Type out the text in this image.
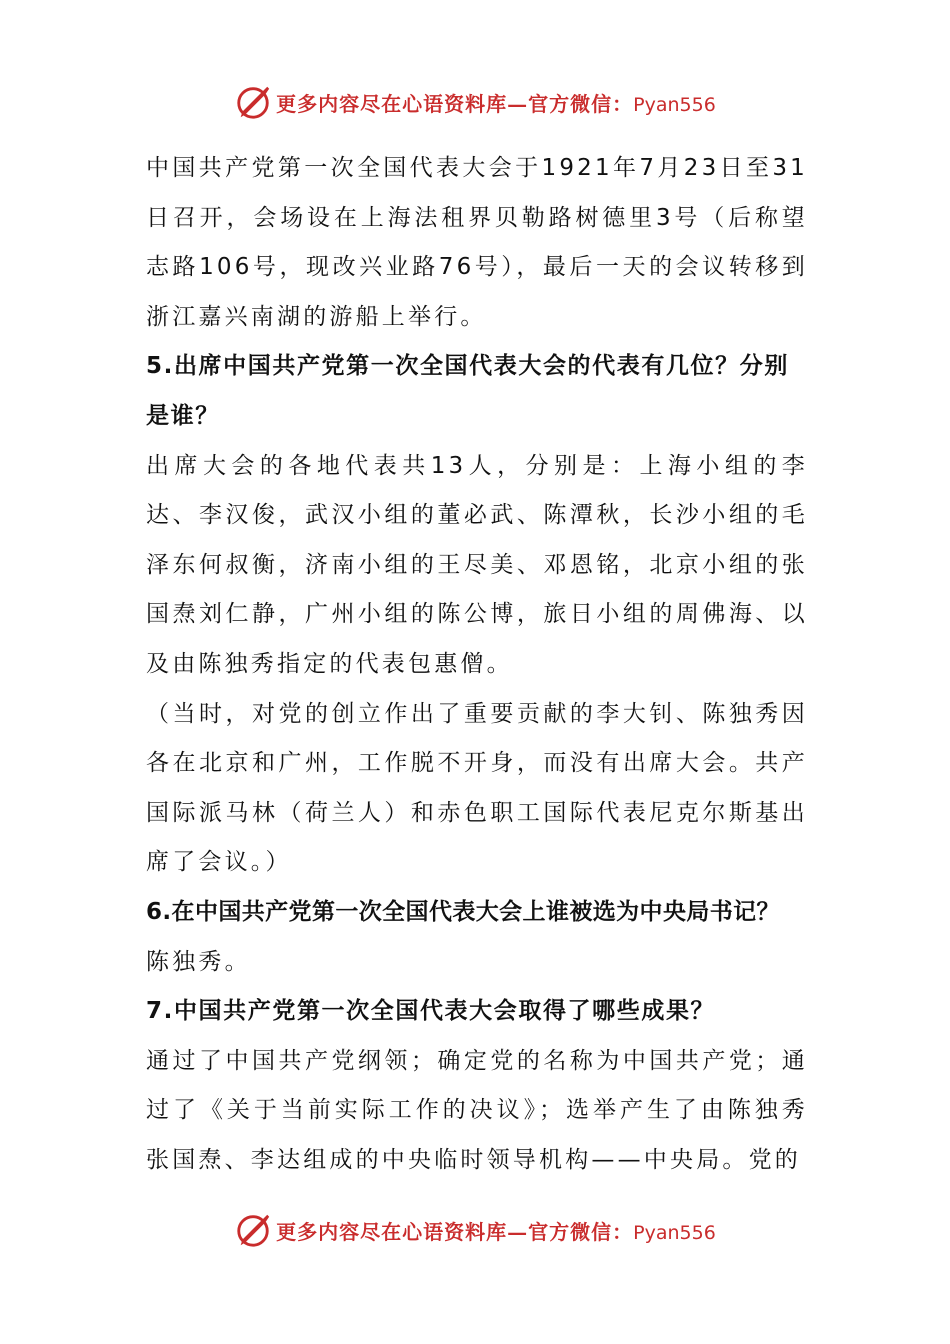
更多内容尽在心语资料库—官方微信：Pyan556

中国共产党第一次全国代表大会于1921年7月23日至31日召开，会场设在上海法租界贝勒路树德里3号（后称望志路106号，现改兴业路76号），最后一天的会议转移到浙江嘉兴南湖的游船上举行。

5.出席中国共产党第一次全国代表大会的代表有几位？分别是谁？

出席大会的各地代表共13人，分别是：上海小组的李达、李汉俊，武汉小组的董必武、陈潭秋，长沙小组的毛泽东何叔衡，济南小组的王尽美、邓恩铭，北京小组的张国焘刘仁静，广州小组的陈公博，旅日小组的周佛海、以及由陈独秀指定的代表包惠僧。

（当时，对党的创立作出了重要贡献的李大钊、陈独秀因各在北京和广州，工作脱不开身，而没有出席大会。共产国际派马林（荷兰人）和赤色职工国际代表尼克尔斯基出席了会议。）

6.在中国共产党第一次全国代表大会上谁被选为中央局书记？

陈独秀。

7.中国共产党第一次全国代表大会取得了哪些成果？

通过了中国共产党纲领；确定党的名称为中国共产党；通过了《关于当前实际工作的决议》；选举产生了由陈独秀张国焘、李达组成的中央临时领导机构——中央局。党的

更多内容尽在心语资料库—官方微信：Pyan556
